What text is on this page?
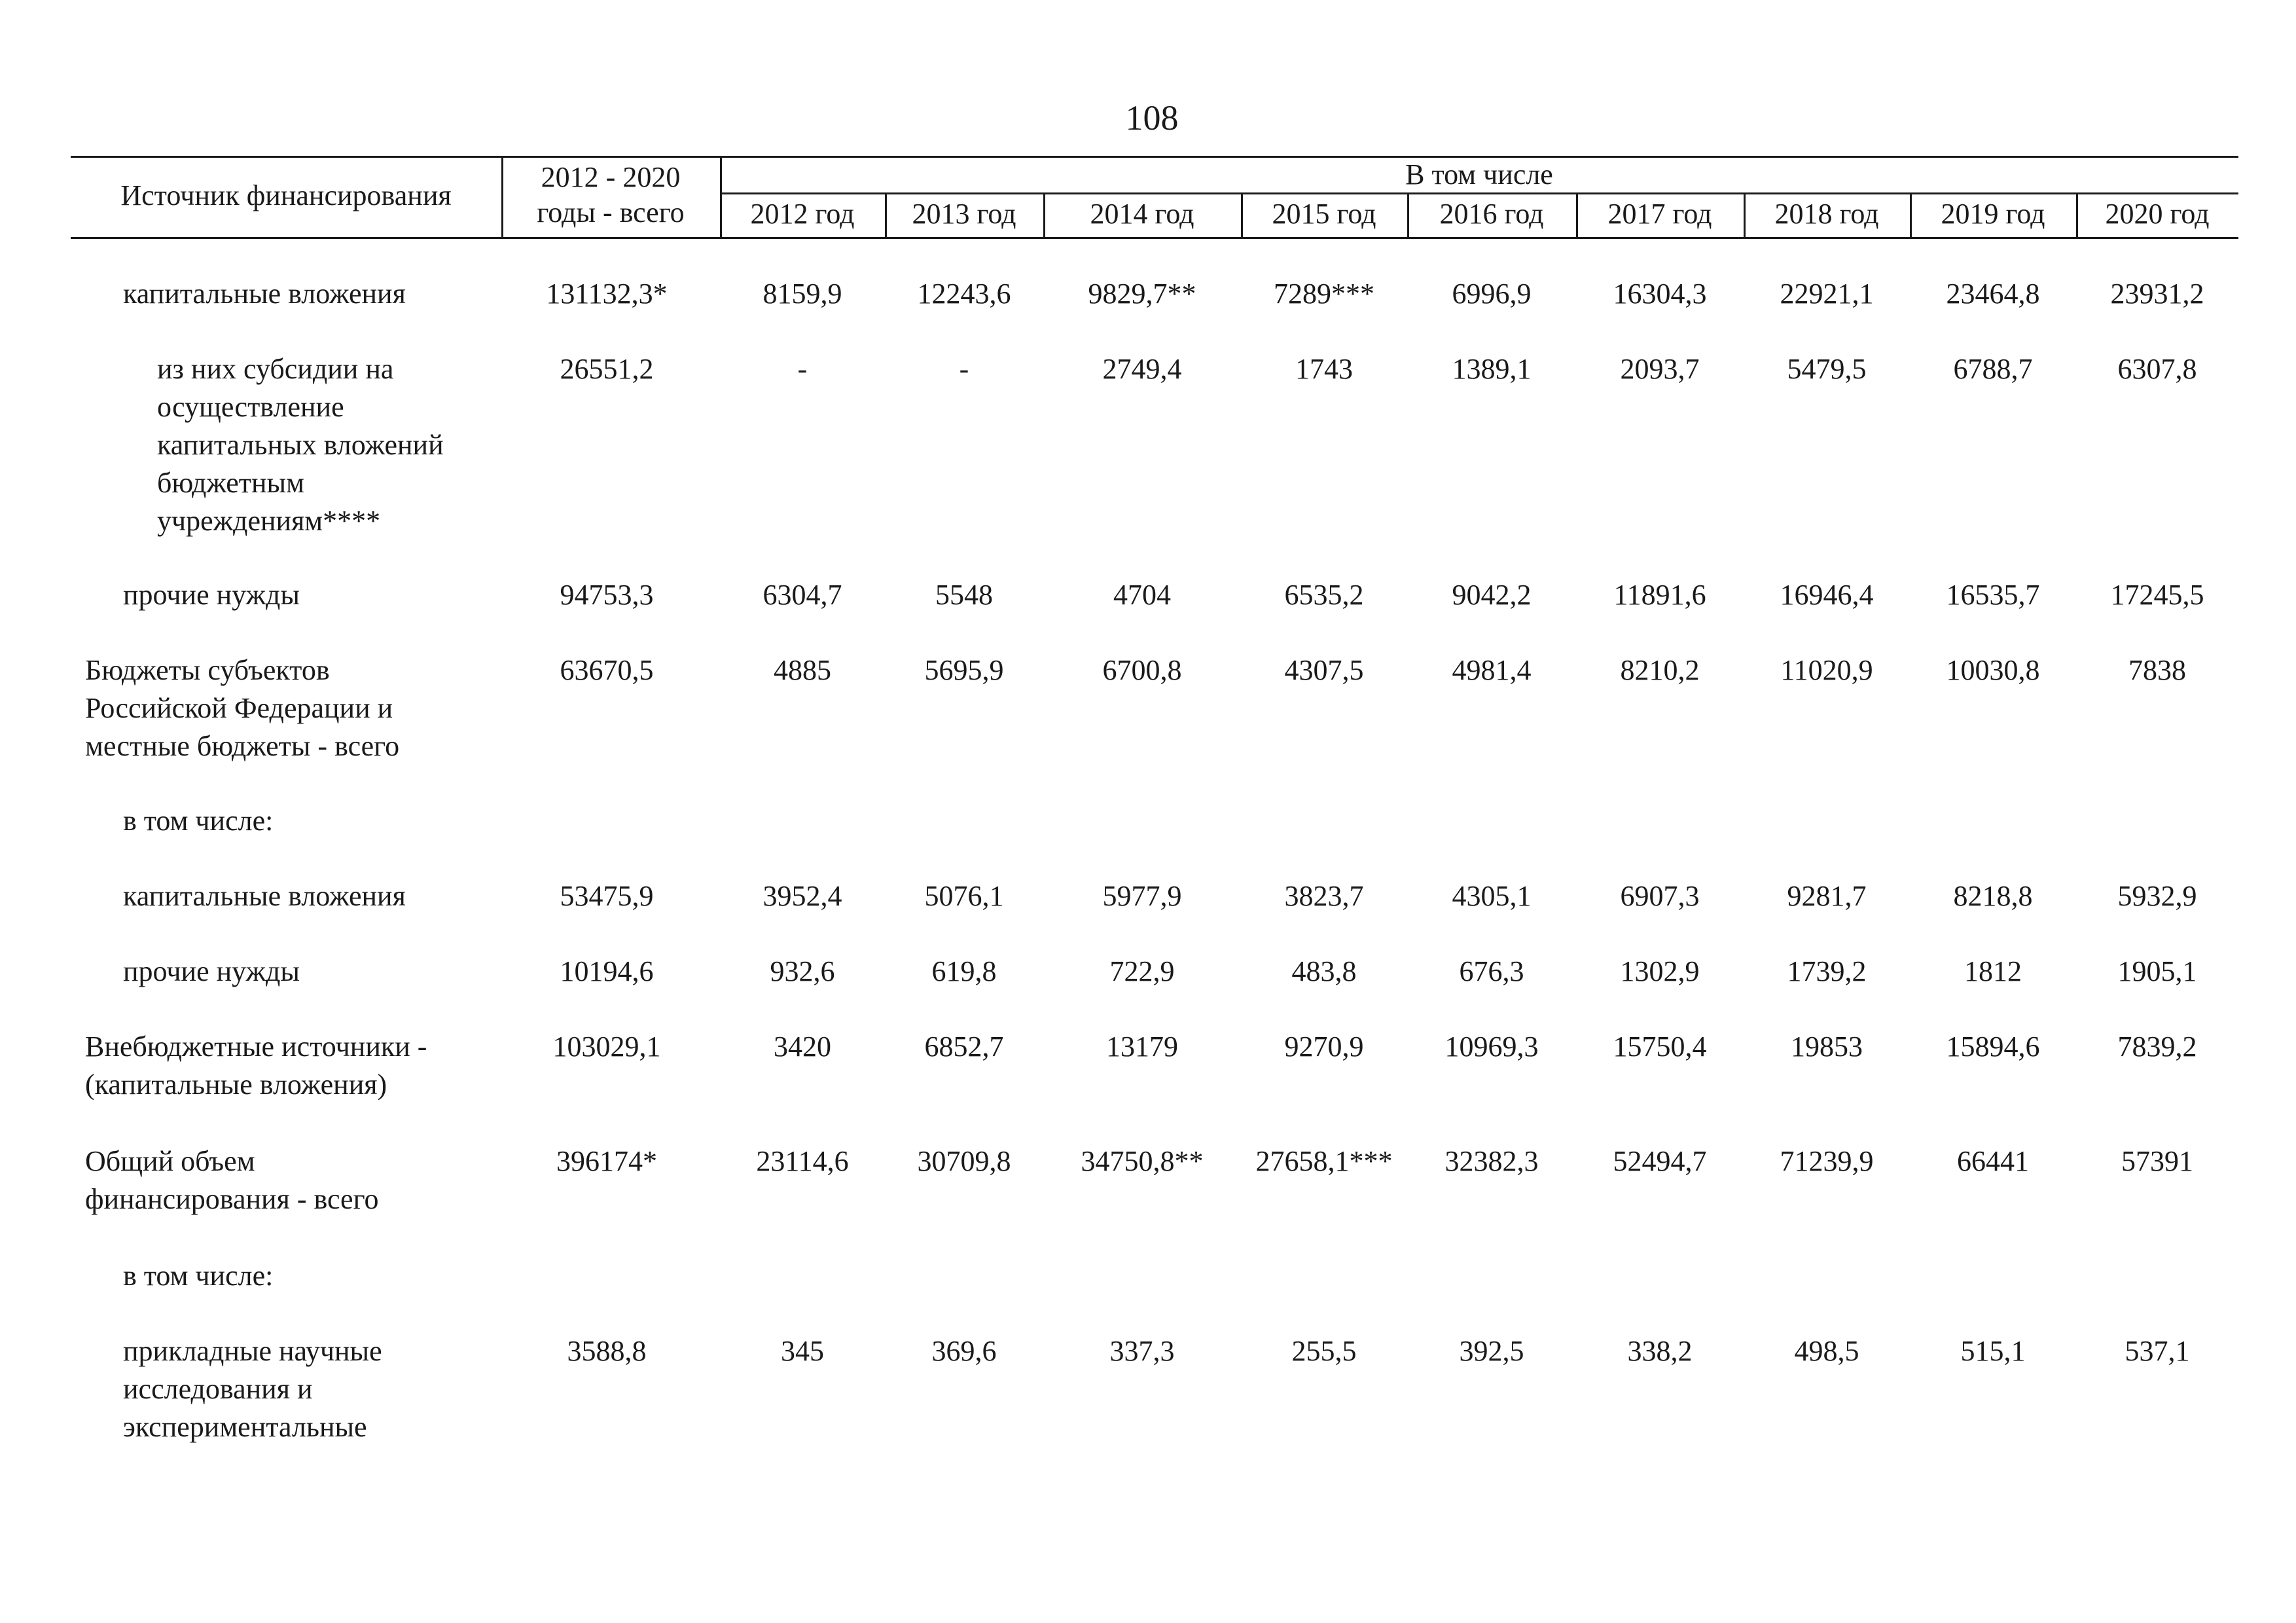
108
Источник финансирования
2012 - 2020
годы - всего
В том числе
2012 год	2013 год	2014 год	2015 год	2016 год	2017 год	2018 год	2019 год	2020 год
капитальные вложения	131132,3*	8159,9	12243,6	9829,7**	7289***	6996,9	16304,3	22921,1	23464,8	23931,2
из них субсидии на
осуществление
капитальных вложений
бюджетным
учреждениям****
26551,2	-	-	2749,4	1743	1389,1	2093,7	5479,5	6788,7	6307,8
прочие нужды	94753,3	6304,7	5548	4704	6535,2	9042,2	11891,6	16946,4	16535,7	17245,5
Бюджеты субъектов
Российской Федерации и
местные бюджеты - всего
63670,5	4885	5695,9	6700,8	4307,5	4981,4	8210,2	11020,9	10030,8	7838
в том числе:
капитальные вложения	53475,9	3952,4	5076,1	5977,9	3823,7	4305,1	6907,3	9281,7	8218,8	5932,9
прочие нужды	10194,6	932,6	619,8	722,9	483,8	676,3	1302,9	1739,2	1812	1905,1
Внебюджетные источники -
(капитальные вложения)
103029,1	3420	6852,7	13179	9270,9	10969,3	15750,4	19853	15894,6	7839,2
Общий объем
финансирования - всего
396174*	23114,6	30709,8	34750,8**	27658,1***	32382,3	52494,7	71239,9	66441	57391
в том числе:
прикладные научные
исследования и
экспериментальные
3588,8	345	369,6	337,3	255,5	392,5	338,2	498,5	515,1	537,1
